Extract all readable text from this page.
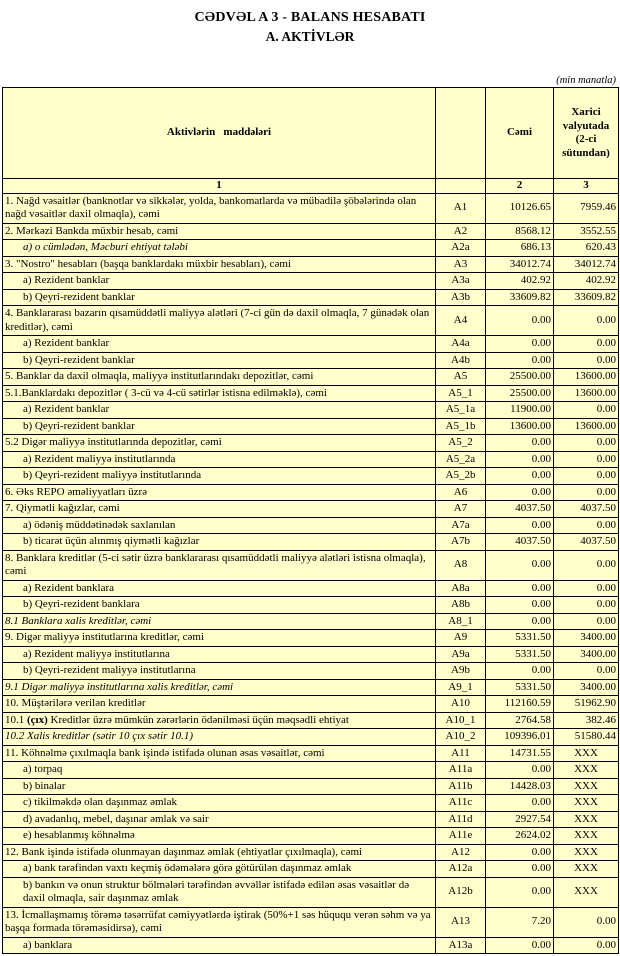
CƏDVƏL A 3 - BALANS HESABATI
A. AKTİVLƏR
(min manatla)
Aktivlərin   maddələri		Cəmi	Xarici valyutada (2-ci sütundan)
1		2	3
1. Nağd vəsaitlər (banknotlar və sikkələr, yolda, bankomatlarda və mübadilə şöbələrində olan nağd vəsaitlər daxil olmaqla), cəmi	A1	10126.65	7959.46
2. Mərkəzi Bankda müxbir hesab, cəmi	A2	8568.12	3552.55
a) o cümlədən, Məcburi ehtiyat tələbi	A2a	686.13	620.43
3. "Nostro" hesabları (başqa banklardakı müxbir hesabları), cəmi	A3	34012.74	34012.74
a) Rezident banklar	A3a	402.92	402.92
b) Qeyri-rezident banklar	A3b	33609.82	33609.82
4. Banklararası bazarın qısamüddətli maliyyə alətləri (7-ci gün də daxil olmaqla, 7 günədək olan kreditlər), cəmi	A4	0.00	0.00
a) Rezident banklar	A4a	0.00	0.00
b) Qeyri-rezident banklar	A4b	0.00	0.00
5. Banklar da daxil olmaqla, maliyyə institutlarındakı depozitlər, cəmi	A5	25500.00	13600.00
5.1.Banklardakı depozitlər ( 3-cü və 4-cü sətirlər istisna edilməklə), cəmi	A5_1	25500.00	13600.00
a) Rezident banklar	A5_1a	11900.00	0.00
b) Qeyri-rezident banklar	A5_1b	13600.00	13600.00
5.2 Digər maliyyə institutlarında depozitlər, cəmi	A5_2	0.00	0.00
a) Rezident maliyyə institutlarında	A5_2a	0.00	0.00
b) Qeyri-rezident maliyyə institutlarında	A5_2b	0.00	0.00
6. Əks REPO əməliyyatları üzrə	A6	0.00	0.00
7. Qiymətli kağızlar, cəmi	A7	4037.50	4037.50
a) ödəniş müddətinədək saxlanılan	A7a	0.00	0.00
b) ticarət üçün alınmış qiymətli kağızlar	A7b	4037.50	4037.50
8. Banklara kreditlər (5-ci sətir üzrə banklararası qısamüddətli maliyyə alətləri istisna olmaqla), cəmi	A8	0.00	0.00
a) Rezident banklara	A8a	0.00	0.00
b) Qeyri-rezident banklara	A8b	0.00	0.00
8.1 Banklara xalis kreditlər, cəmi	A8_1	0.00	0.00
9. Digər maliyyə institutlarına kreditlər, cəmi	A9	5331.50	3400.00
a) Rezident maliyyə institutlarına	A9a	5331.50	3400.00
b) Qeyri-rezident maliyyə institutlarına	A9b	0.00	0.00
9.1 Digər maliyyə institutlarına xalis kreditlər, cəmi	A9_1	5331.50	3400.00
10. Müştərilərə verilən kreditlər	A10	112160.59	51962.90
10.1 (çıx) Kreditlər üzrə mümkün zərərlərin ödənilməsi üçün məqsədli ehtiyat	A10_1	2764.58	382.46
10.2 Xalis kreditlər (sətir 10 çıx sətir 10.1)	A10_2	109396.01	51580.44
11. Köhnəlmə çıxılmaqla bank işində istifadə olunan əsas vəsaitlər, cəmi	A11	14731.55	XXX
a) torpaq	A11a	0.00	XXX
b) binalar	A11b	14428.03	XXX
c) tikilməkdə olan daşınmaz əmlak	A11c	0.00	XXX
d) avadanlıq, mebel, daşınar əmlak və sair	A11d	2927.54	XXX
e) hesablanmış köhnəlmə	A11e	2624.02	XXX
12. Bank işində istifadə olunmayan daşınmaz əmlak (ehtiyatlar çıxılmaqla), cəmi	A12	0.00	XXX
a) bank tərəfindən vaxtı keçmiş ödəmələrə görə götürülən daşınmaz əmlak	A12a	0.00	XXX
b) bankın və onun struktur bölmələri tərəfindən əvvəllər istifadə edilən əsas vəsaitlər də daxil olmaqla, sair daşınmaz əmlak	A12b	0.00	XXX
13. İcmallaşmamış törəmə təsərrüfat cəmiyyətlərdə iştirak (50%+1 səs hüququ verən səhm və ya başqa formada törəməsidirsə), cəmi	A13	7.20	0.00
a) banklara	A13a	0.00	0.00
